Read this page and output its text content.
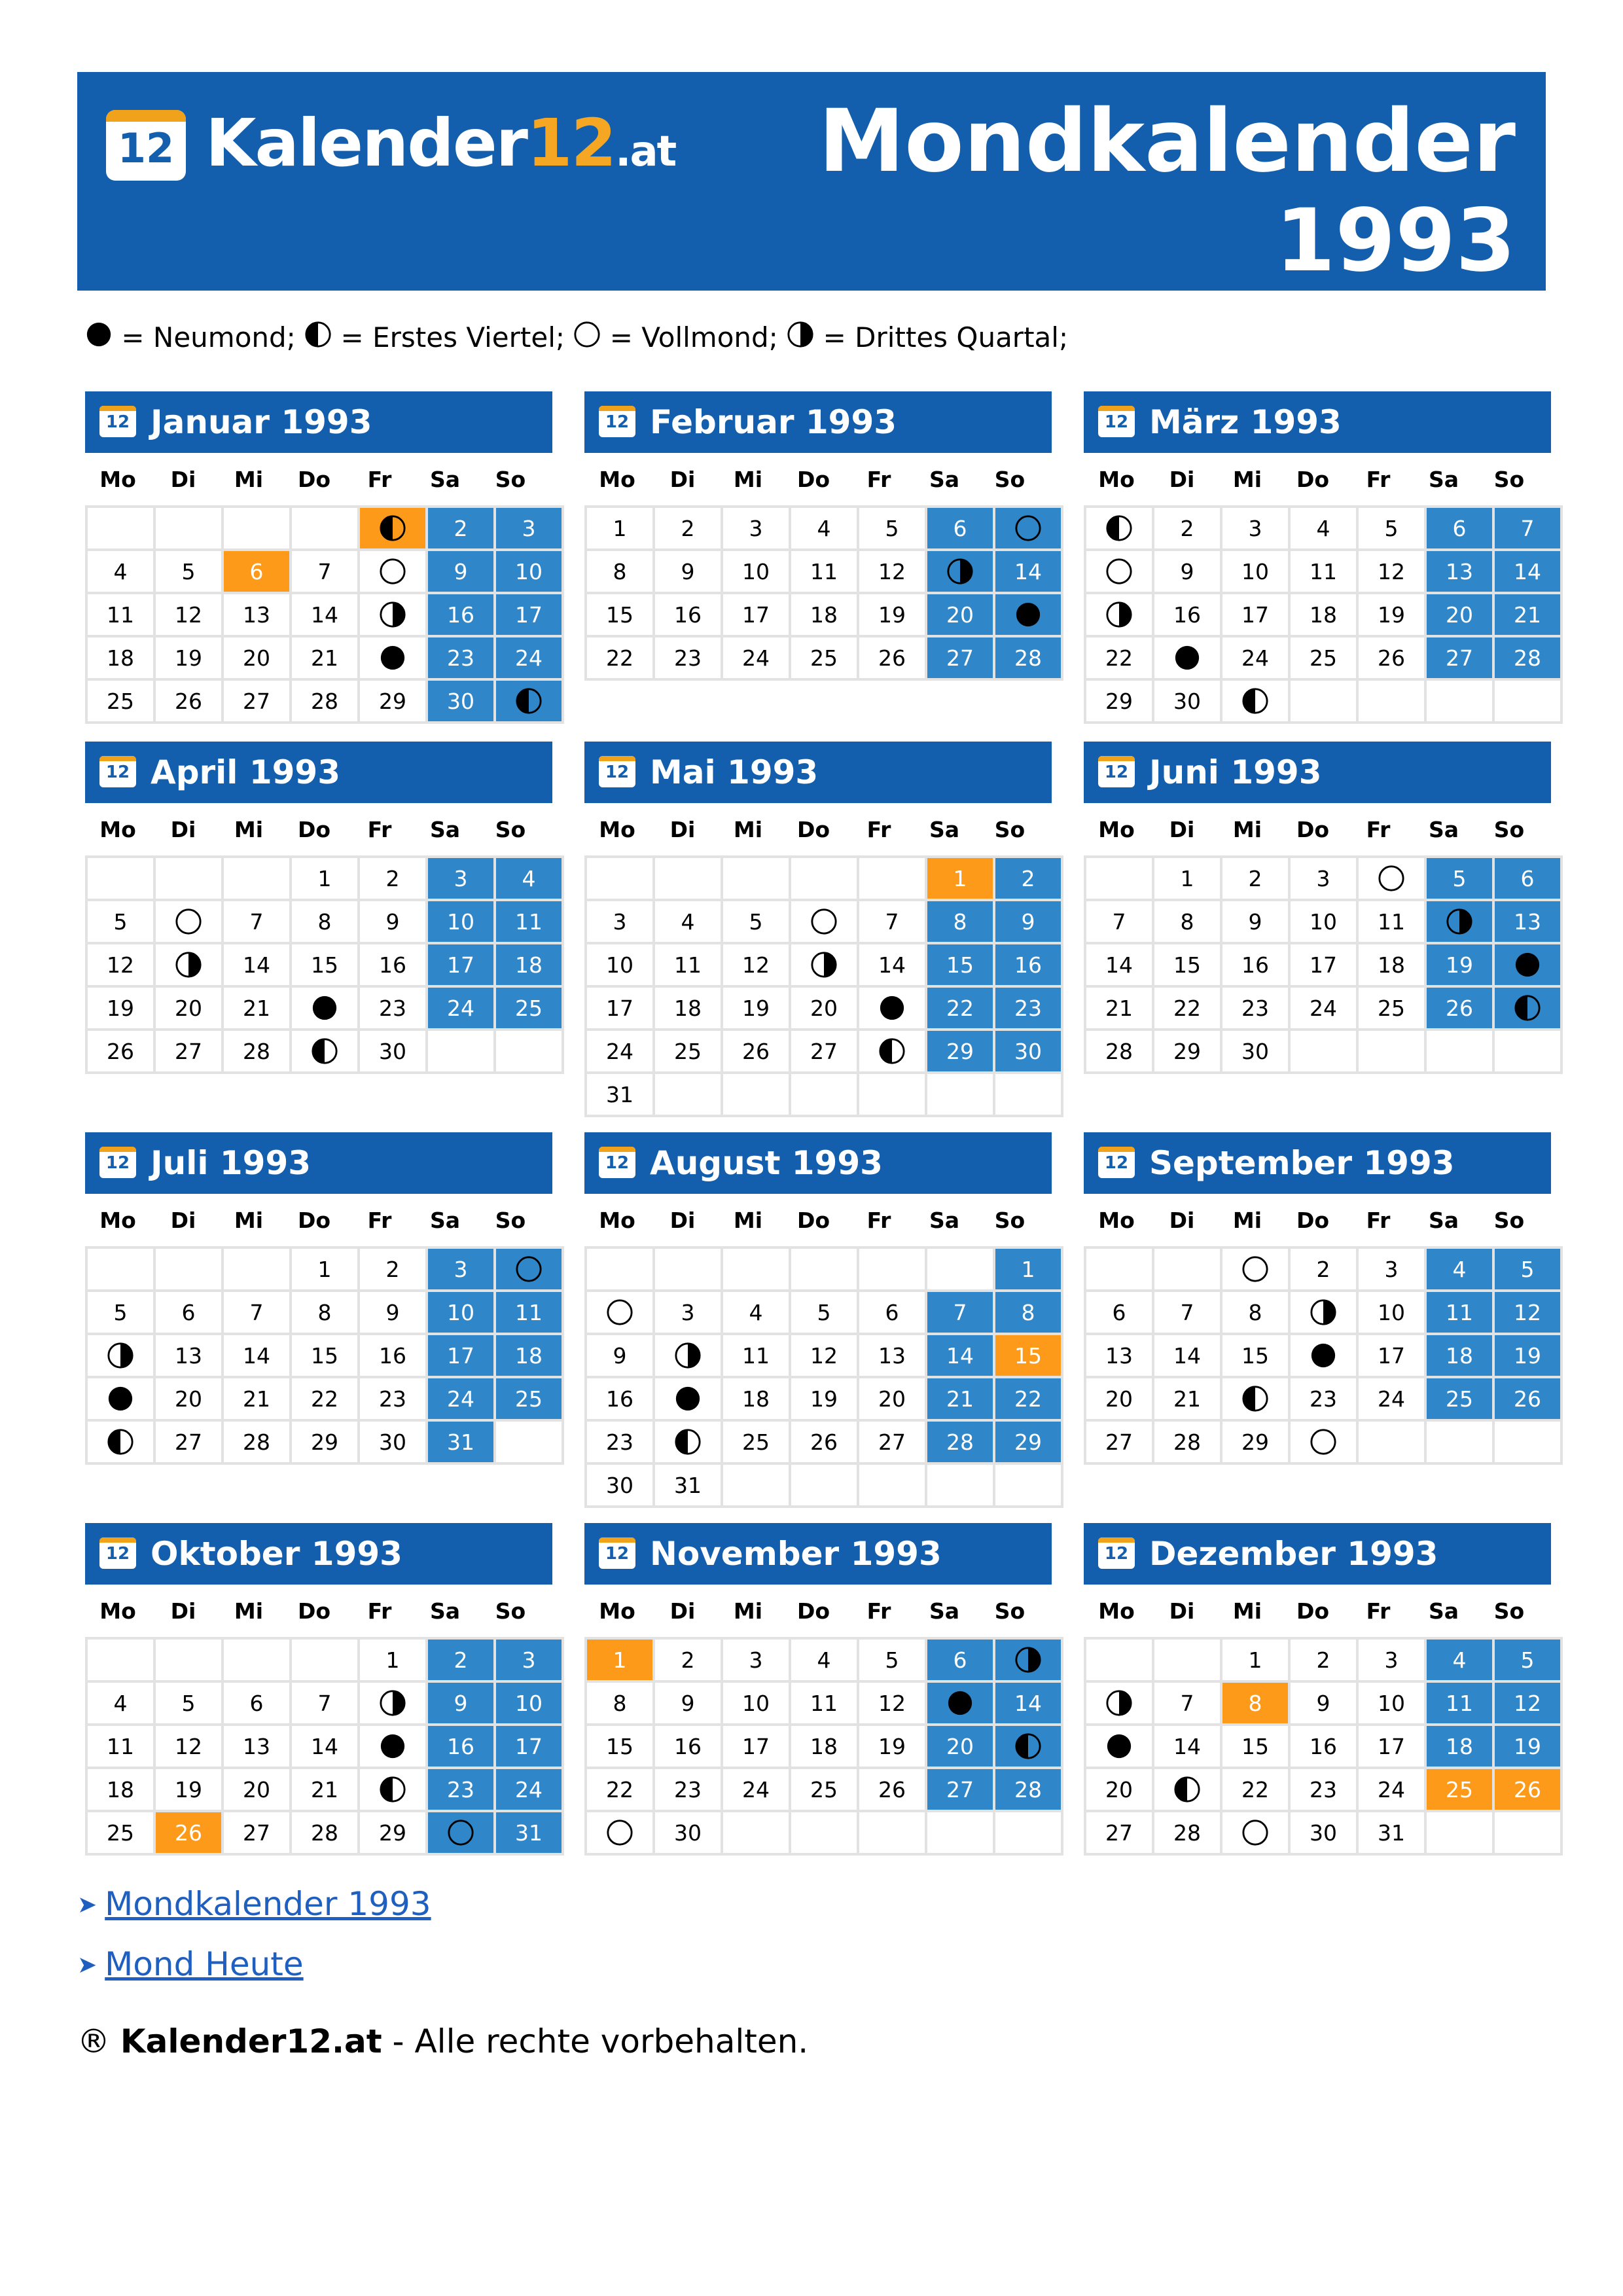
12 Kalender12.at Mondkalender
1993
= Neumond; = Erstes Viertel; = Vollmond; = Drittes Quartal;
12 Januar 1993
Mo	Di	Mi	Do	Fr	Sa	So
					2	3
4	5	6	7		9	10
11	12	13	14		16	17
18	19	20	21		23	24
25	26	27	28	29	30	
12 Februar 1993
Mo	Di	Mi	Do	Fr	Sa	So
1	2	3	4	5	6	
8	9	10	11	12		14
15	16	17	18	19	20	
22	23	24	25	26	27	28
12 März 1993
Mo	Di	Mi	Do	Fr	Sa	So
	2	3	4	5	6	7
	9	10	11	12	13	14
	16	17	18	19	20	21
22		24	25	26	27	28
29	30					
12 April 1993
Mo	Di	Mi	Do	Fr	Sa	So
			1	2	3	4
5		7	8	9	10	11
12		14	15	16	17	18
19	20	21		23	24	25
26	27	28		30		
12 Mai 1993
Mo	Di	Mi	Do	Fr	Sa	So
					1	2
3	4	5		7	8	9
10	11	12		14	15	16
17	18	19	20		22	23
24	25	26	27		29	30
31						
12 Juni 1993
Mo	Di	Mi	Do	Fr	Sa	So
	1	2	3		5	6
7	8	9	10	11		13
14	15	16	17	18	19	
21	22	23	24	25	26	
28	29	30				
12 Juli 1993
Mo	Di	Mi	Do	Fr	Sa	So
			1	2	3	
5	6	7	8	9	10	11
	13	14	15	16	17	18
	20	21	22	23	24	25
	27	28	29	30	31	
12 August 1993
Mo	Di	Mi	Do	Fr	Sa	So
						1
	3	4	5	6	7	8
9		11	12	13	14	15
16		18	19	20	21	22
23		25	26	27	28	29
30	31					
12 September 1993
Mo	Di	Mi	Do	Fr	Sa	So
			2	3	4	5
6	7	8		10	11	12
13	14	15		17	18	19
20	21		23	24	25	26
27	28	29				
12 Oktober 1993
Mo	Di	Mi	Do	Fr	Sa	So
				1	2	3
4	5	6	7		9	10
11	12	13	14		16	17
18	19	20	21		23	24
25	26	27	28	29		31
12 November 1993
Mo	Di	Mi	Do	Fr	Sa	So
1	2	3	4	5	6	
8	9	10	11	12		14
15	16	17	18	19	20	
22	23	24	25	26	27	28
	30					
12 Dezember 1993
Mo	Di	Mi	Do	Fr	Sa	So
		1	2	3	4	5
	7	8	9	10	11	12
	14	15	16	17	18	19
20		22	23	24	25	26
27	28		30	31		
➤ Mondkalender 1993
➤ Mond Heute
® Kalender12.at - Alle rechte vorbehalten.
